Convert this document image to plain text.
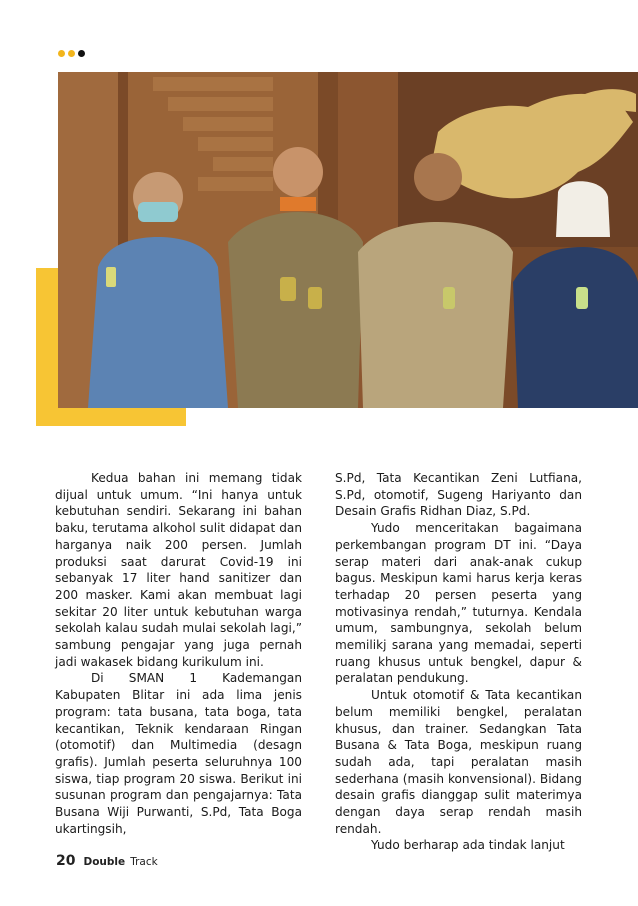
Kedua bahan ini memang tidak dijual untuk umum. “Ini hanya untuk kebutuhan sendiri. Sekarang ini bahan baku, terutama alkohol sulit didapat dan harganya naik 200 persen. Jumlah produksi saat darurat Covid-19 ini sebanyak 17 liter hand sanitizer dan 200 masker. Kami akan membuat lagi sekitar 20 liter untuk kebutuhan warga sekolah kalau sudah mulai sekolah lagi,” sambung pengajar yang juga pernah jadi wakasek bidang kurikulum ini.

Di SMAN 1 Kademangan Kabupaten Blitar ini ada lima jenis program: tata busana, tata boga, tata kecantikan, Teknik kendaraan Ringan (otomotif) dan Multimedia (desagn grafis). Jumlah peserta seluruhnya 100 siswa, tiap program 20 siswa. Berikut ini susunan program dan pengajarnya: Tata Busana Wiji Purwanti, S.Pd, Tata Boga ukartingsih,

S.Pd, Tata Kecantikan Zeni Lutfiana, S.Pd, otomotif, Sugeng Hariyanto dan Desain Grafis Ridhan Diaz, S.Pd.

Yudo menceritakan bagaimana perkembangan program DT ini. “Daya serap materi dari anak-anak cukup bagus. Meskipun kami harus kerja keras terhadap 20 persen peserta yang motivasinya rendah,” tuturnya. Kendala umum, sambungnya, sekolah belum memilikj sarana yang memadai, seperti ruang khusus untuk bengkel, dapur & peralatan pendukung.

Untuk otomotif & Tata kecantikan belum memiliki bengkel, peralatan khusus, dan trainer. Sedangkan Tata Busana & Tata Boga, meskipun ruang sudah ada, tapi peralatan masih sederhana (masih konvensional). Bidang desain grafis dianggap sulit materimya dengan daya serap rendah masih rendah.

Yudo berharap ada tindak lanjut

20 Double Track
